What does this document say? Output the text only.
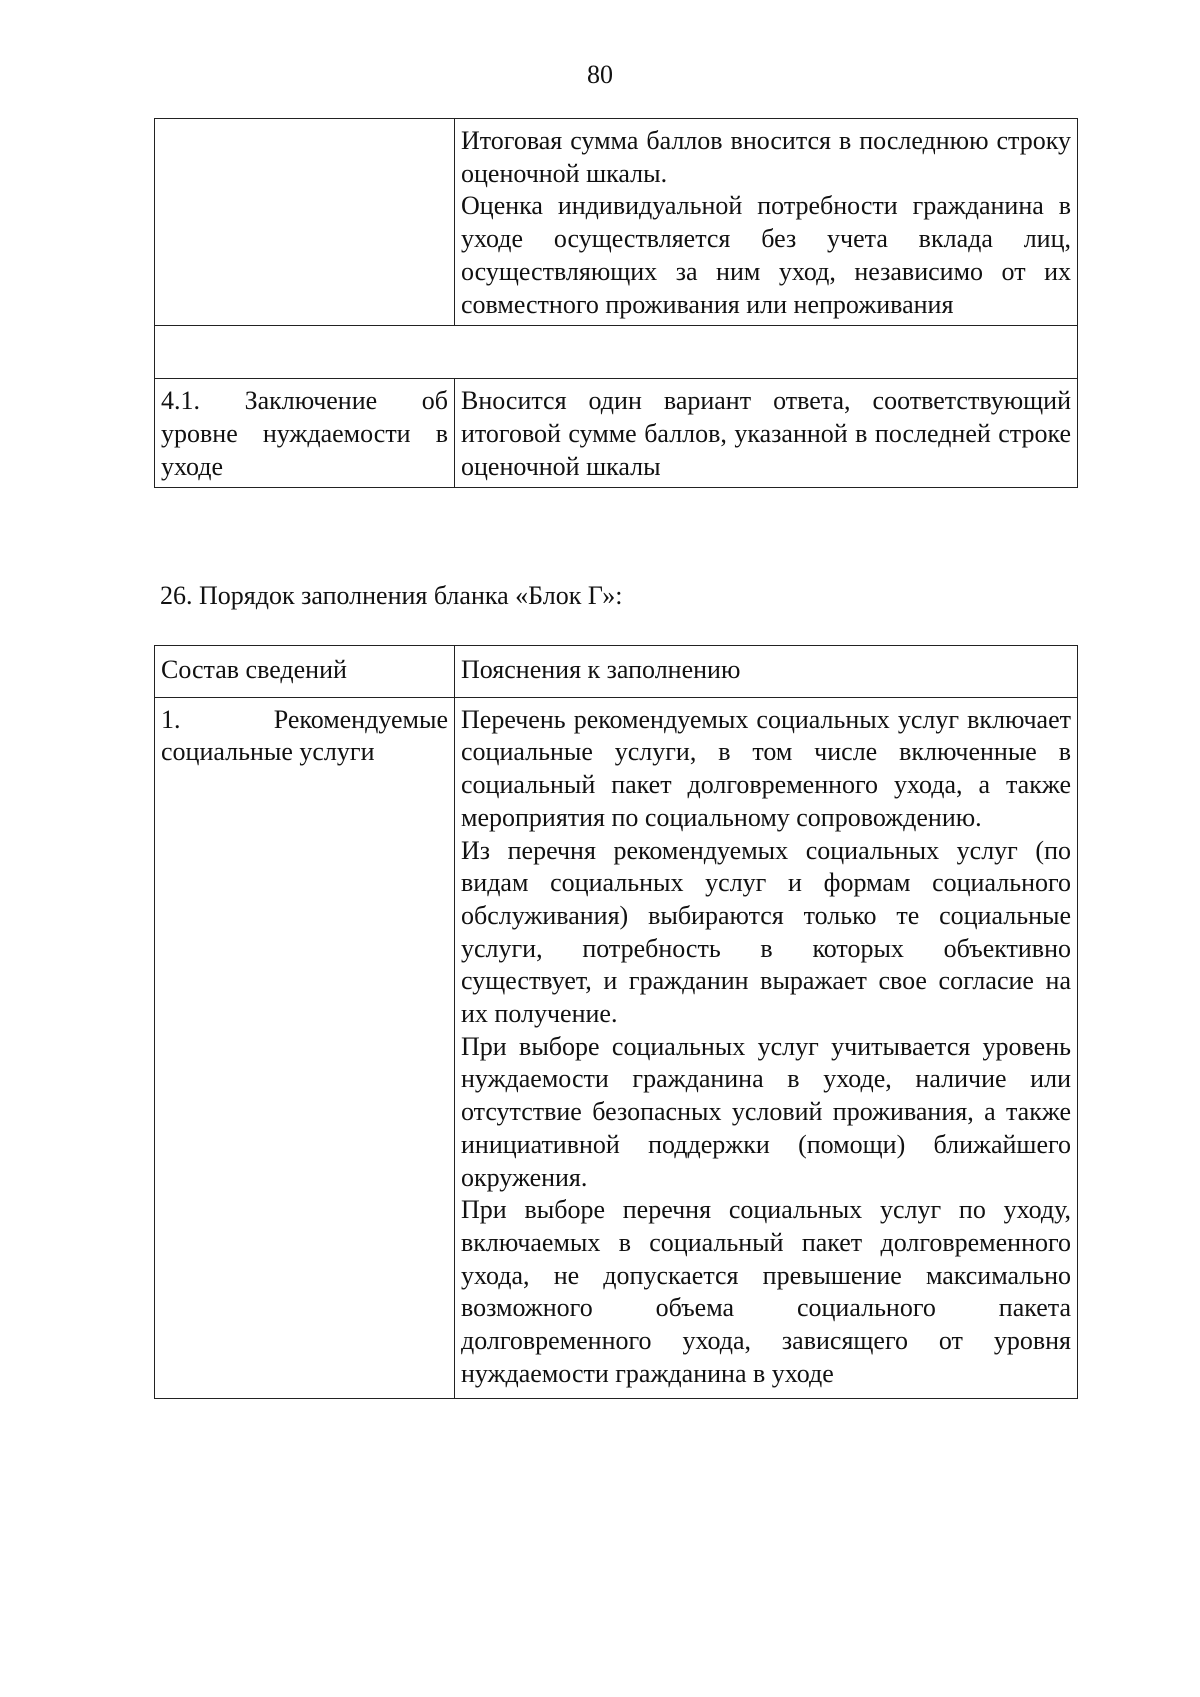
80

	Итоговая сумма баллов вносится в последнюю строку оценочной шкалы.
Оценка индивидуальной потребности гражданина в уходе осуществляется без учета вклада лиц, осуществляющих за ним уход, независимо от их совместного проживания или непроживания

4.1. Заключение об уровне нуждаемости в уходе	Вносится один вариант ответа, соответствующий итоговой сумме баллов, указанной в последней строке оценочной шкалы
26. Порядок заполнения бланка «Блок Г»:
Состав сведений	Пояснения к заполнению
1. Рекомендуемые социальные услуги	Перечень рекомендуемых социальных услуг включает социальные услуги, в том числе включенные в социальный пакет долговременного ухода, а также мероприятия по социальному сопровождению.
Из перечня рекомендуемых социальных услуг (по видам социальных услуг и формам социального обслуживания) выбираются только те социальные услуги, потребность в которых объективно существует, и гражданин выражает свое согласие на их получение.
При выборе социальных услуг учитывается уровень нуждаемости гражданина в уходе, наличие или отсутствие безопасных условий проживания, а также инициативной поддержки (помощи) ближайшего окружения.
При выборе перечня социальных услуг по уходу, включаемых в социальный пакет долговременного ухода, не допускается превышение максимально возможного объема социального пакета долговременного ухода, зависящего от уровня нуждаемости гражданина в уходе
